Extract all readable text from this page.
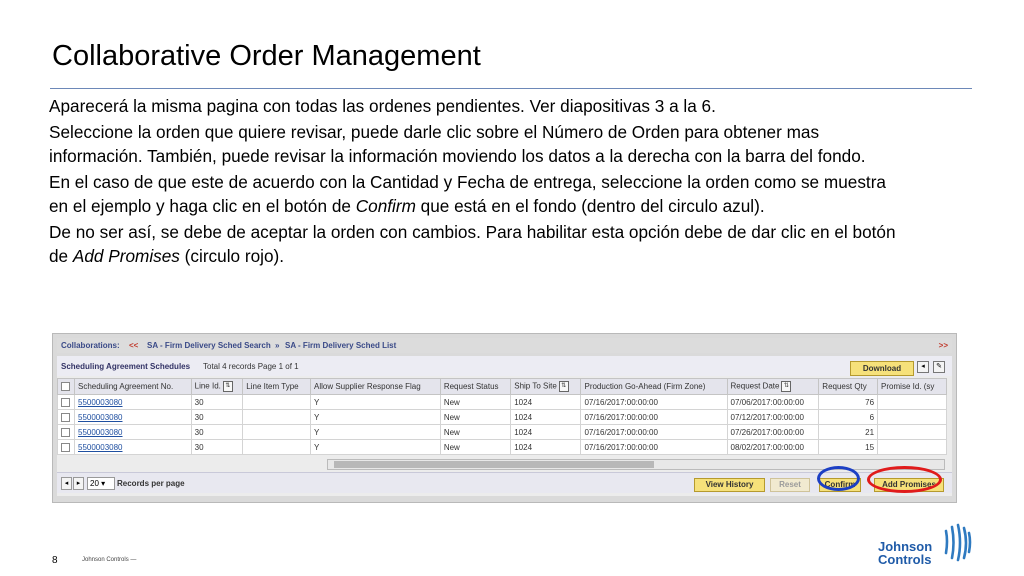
Collaborative Order Management

Aparecerá la misma pagina con todas las ordenes pendientes. Ver diapositivas 3 a la 6.

Seleccione la orden que quiere revisar, puede darle clic sobre el Número de Orden para obtener mas información. También, puede revisar la información moviendo los datos a la derecha con la barra del fondo.

En el caso de que este de acuerdo con la Cantidad y Fecha de entrega, seleccione la orden como se muestra en el ejemplo y haga clic en el botón de Confirm que está en el fondo (dentro del circulo azul).

De no ser así, se debe de aceptar la orden con cambios. Para habilitar esta opción debe de dar clic en el botón de Add Promises (circulo rojo).

Collaborations: << SA - Firm Delivery Sched Search » SA - Firm Delivery Sched List	>>
Scheduling Agreement Schedules Total 4 records Page 1 of 1	Download	◂	✎
	Scheduling Agreement No.	Line Id. ⇅	Line Item Type	Allow Supplier Response Flag	Request Status	Ship To Site ⇅	Production Go-Ahead (Firm Zone)	Request Date ⇅	Request Qty	Promise Id. (sy
	5500003080	30		Y	New	1024	07/16/2017:00:00:00	07/06/2017:00:00:00	76	
	5500003080	30		Y	New	1024	07/16/2017:00:00:00	07/12/2017:00:00:00	6	
	5500003080	30		Y	New	1024	07/16/2017:00:00:00	07/26/2017:00:00:00	21	
	5500003080	30		Y	New	1024	07/16/2017:00:00:00	08/02/2017:00:00:00	15	
◂	▸	20 ▾	Records per page	View History	Reset	Confirm	Add Promises
8	Johnson Controls —
Johnson
Controls
